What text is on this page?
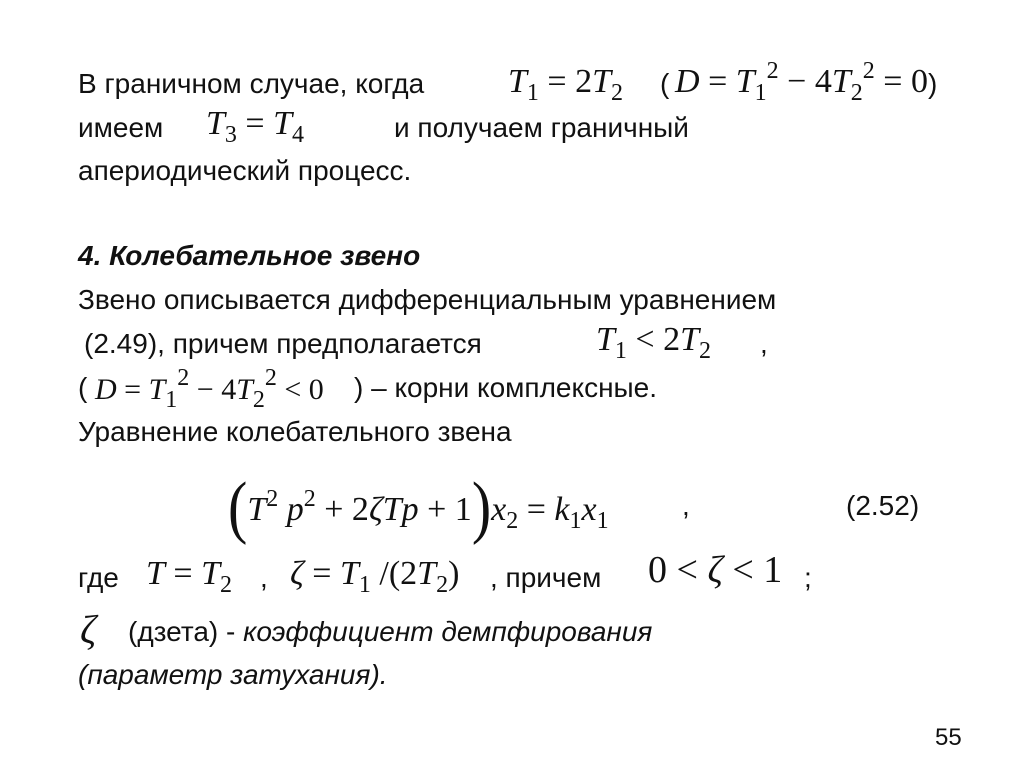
В граничном случае, когда $T_1 = 2T_2$ ( $D = T_1^2 - 4T_2^2 = 0$ )
имеем $T_3 = T_4$	и получаем граничный
апериодический процесс.
4. Колебательное звено
Звено описывается дифференциальным уравнением
(2.49), причем предполагается	$T_1 < 2T_2$ ,
( $D = T_1^2 - 4T_2^2 < 0$ ) – корни комплексные.
Уравнение колебательного звена
($T^2$ $p^2 + 2\zeta Tp + 1)x_2 = k_1x_1$	,	(2.52)
где $T = T_2$ , $\zeta = T_1$ $/(2T_2)$ , причем 0 < ζ < 1 ;
ζ (дзета) - коэффициент демпфирования
(параметр затухания).
55
